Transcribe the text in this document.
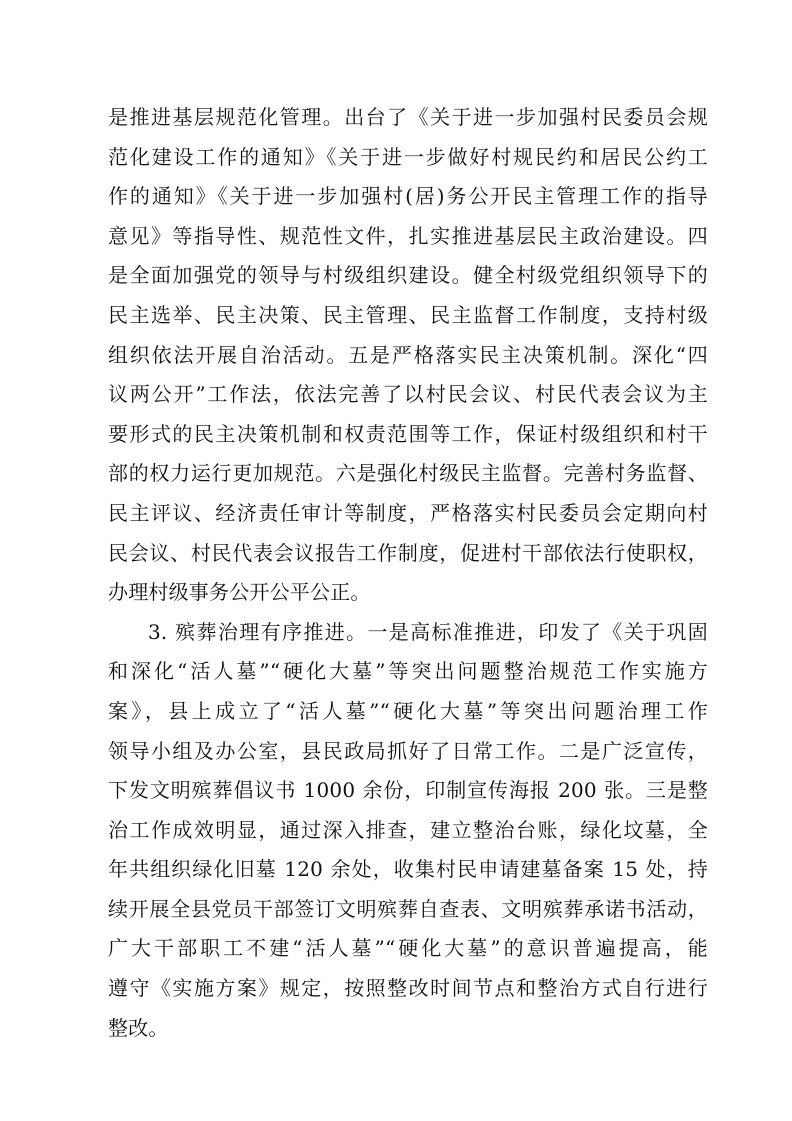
是推进基层规范化管理。出台了《关于进一步加强村民委员会规
范化建设工作的通知》《关于进一步做好村规民约和居民公约工
作的通知》《关于进一步加强村(居)务公开民主管理工作的指导
意见》等指导性、规范性文件，扎实推进基层民主政治建设。四
是全面加强党的领导与村级组织建设。健全村级党组织领导下的
民主选举、民主决策、民主管理、民主监督工作制度，支持村级
组织依法开展自治活动。五是严格落实民主决策机制。深化“四
议两公开”工作法，依法完善了以村民会议、村民代表会议为主
要形式的民主决策机制和权责范围等工作，保证村级组织和村干
部的权力运行更加规范。六是强化村级民主监督。完善村务监督、
民主评议、经济责任审计等制度，严格落实村民委员会定期向村
民会议、村民代表会议报告工作制度，促进村干部依法行使职权，
办理村级事务公开公平公正。
3. 殡葬治理有序推进。一是高标准推进，印发了《关于巩固
和深化“活人墓”“硬化大墓”等突出问题整治规范工作实施方
案》，县上成立了“活人墓”“硬化大墓”等突出问题治理工作
领导小组及办公室，县民政局抓好了日常工作。二是广泛宣传，
下发文明殡葬倡议书 1000 余份，印制宣传海报 200 张。三是整
治工作成效明显，通过深入排查，建立整治台账，绿化坟墓，全
年共组织绿化旧墓 120 余处，收集村民申请建墓备案 15 处，持
续开展全县党员干部签订文明殡葬自查表、文明殡葬承诺书活动，
广大干部职工不建“活人墓”“硬化大墓”的意识普遍提高，能
遵守《实施方案》规定，按照整改时间节点和整治方式自行进行
整改。
